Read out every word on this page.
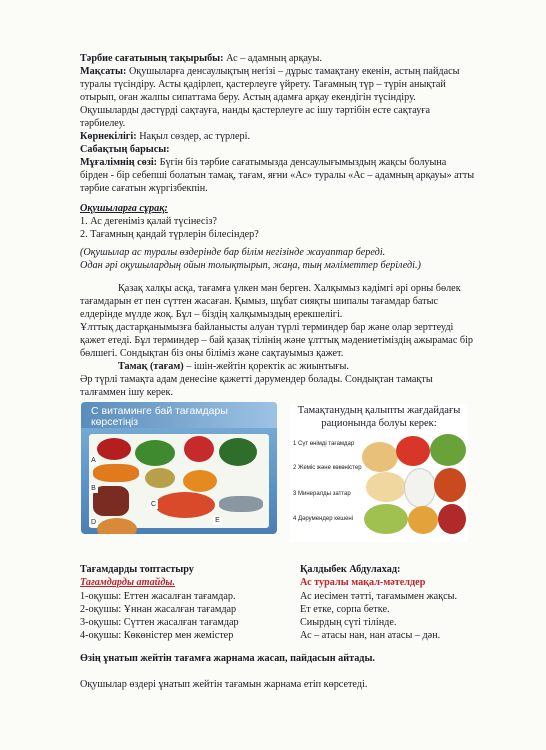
Тәрбие сағатының тақырыбы: Ас – адамның арқауы.
Мақсаты: Оқушыларға денсаулықтың негізі – дұрыс тамақтану екенін, астың пайдасы
туралы түсіндіру. Асты қадірлеп, қастерлеуге үйрету. Тағамның түр – түрін анықтай
отырып, оған жалпы сипаттама беру. Астың адамға арқау екендігін түсіндіру.
Оқушыларды дәстүрді сақтауға, нанды қастерлеуге ас ішу тәртібін есте сақтауға
тәрбиелеу.
Көрнекілігі: Нақыл сөздер, ас түрлері.
Сабақтың барысы:
Мұғалімнің сөзі: Бүгін біз тәрбие сағатымызда денсаулығымыздың жақсы болуына
бірден - бір себепші болатын тамақ, тағам, яғни «Ас» туралы «Ас – адамның арқауы» атты
тәрбие сағатын жүргізбекпін.
Оқушыларға сұрақ:
1. Ас дегеніміз қалай түсінесіз?
2. Тағамның қандай түрлерін білесіндер?
(Оқушылар ас туралы өздерінде бар білім негізінде жауаптар береді.
Одан әрі оқушылардың ойын толықтырып, жаңа, тың мәліметтер беріледі.)
Қазақ халқы асқа, тағамға үлкен мән берген. Халқымыз кәдімгі әрі орны бөлек
тағамдарын ет пен сүттен жасаған. Қымыз, шұбат сияқты шипалы тағамдар батыс
елдерінде мүлде жоқ. Бұл – біздің халқымыздың ерекшелігі.
Ұлттық дастарқанымызға байланысты алуан түрлі терминдер бар және олар зерттеуді
қажет етеді. Бұл терминдер – бай қазақ тілінің және ұлттық мәдениетіміздің ажырамас бір
бөлшегі. Сондықтан біз оны біліміз және сақтауымыз қажет.
Тамақ (тағам) – ішін-жейтін қоректік ас жиынтығы.
Әр түрлі тамақта адам денесіне қажетті дәрумендер болады. Сондықтан тамақты
талғаммен ішу керек.
С витаминге бай тағамдары көрсетіңіз
A
B
C
D	E
Тамақтанудың қалыпты жағдайдағы
рационында болуы керек:
1 Сүт өнімді тағамдар
2 Жеміс және көкөністер
3 Минералды заттар
4 Дәрумендер кешені
Тағамдарды топтастыру
Тағамдарды атайды.
1-оқушы: Еттен жасалған тағамдар.
2-оқушы: Ұннан жасалған тағамдар
3-оқушы: Сүттен жасалған тағамдар
4-оқушы: Көкөністер мен жемістер
Қалдыбек Абдулахад:
Ас туралы мақал-мәтелдер
Ас иесімен тәтті, тағамымен жақсы.
Ет етке, сорпа бетке.
Сиырдың сүті тілінде.
Ас – атасы нан, нан атасы – дән.
Өзің ұнатып жейтін тағамға жарнама жасап, пайдасын айтады.
Оқушылар өздері ұнатып жейтін тағамын жарнама етіп көрсетеді.
